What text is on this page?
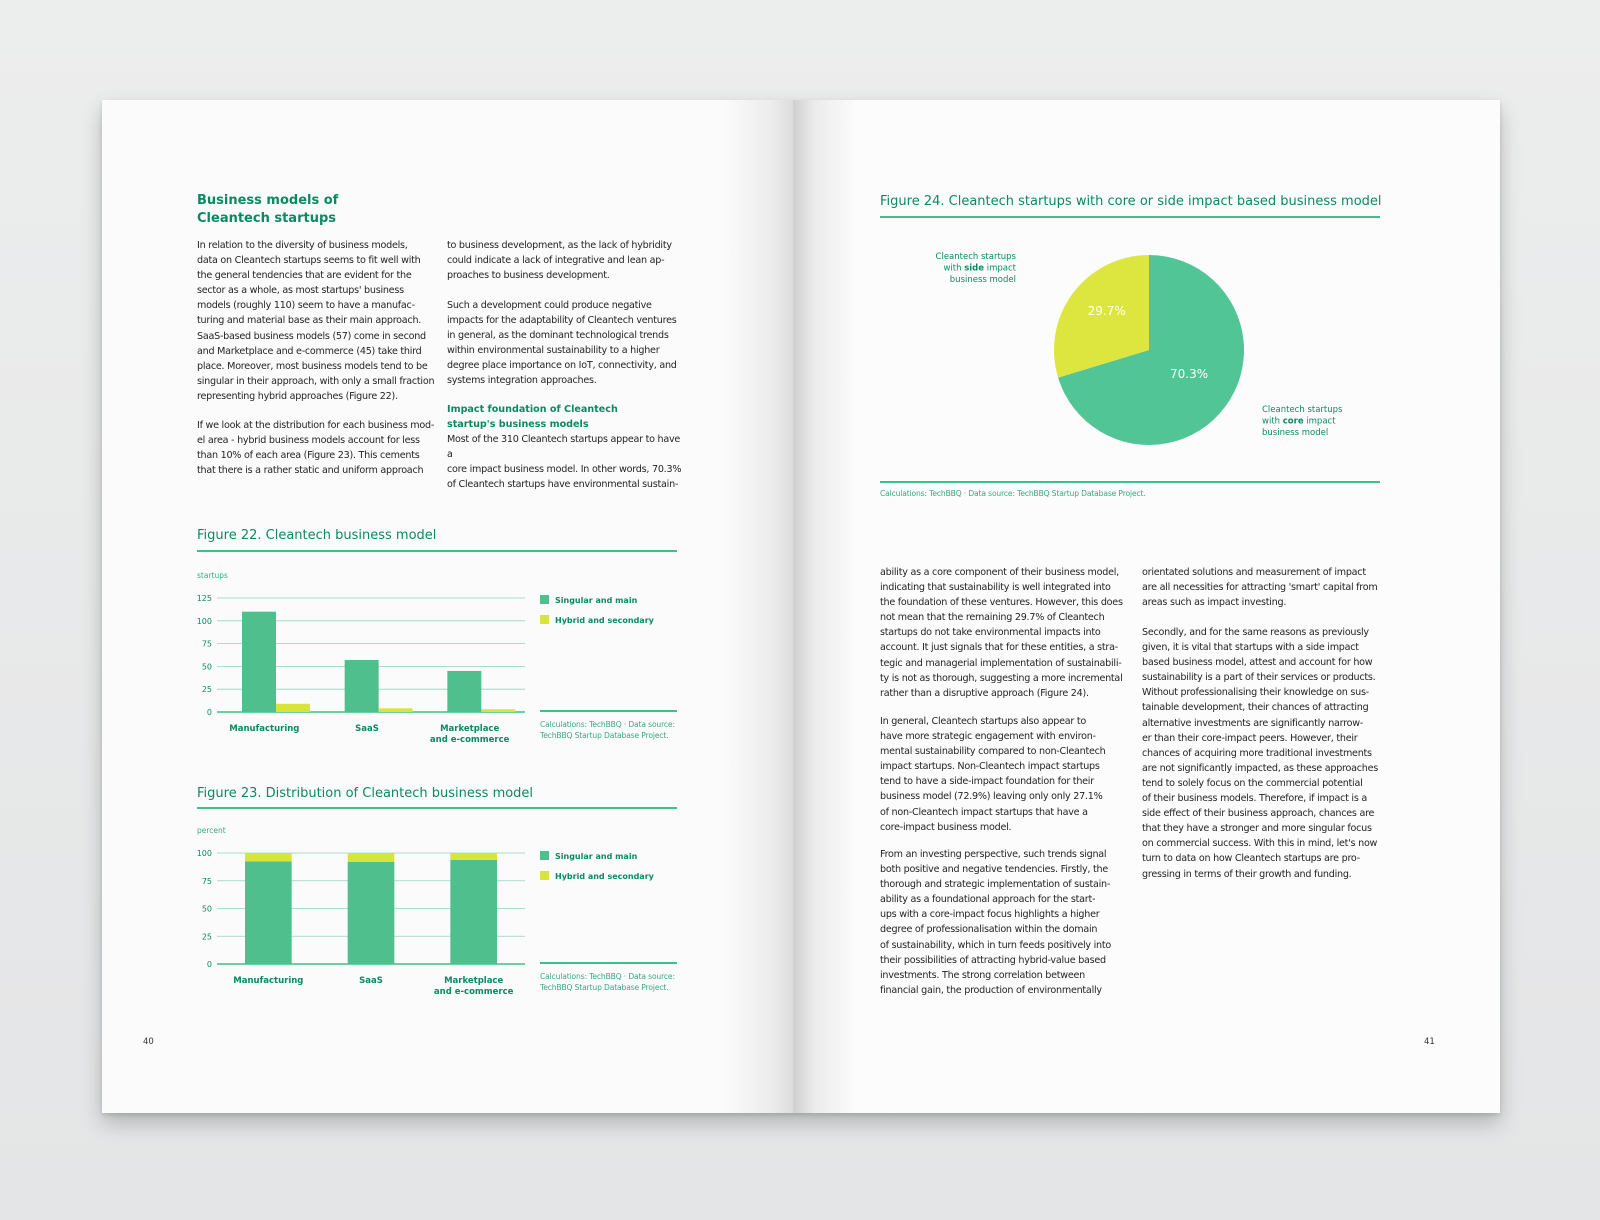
Business models of
Cleantech startups
In relation to the diversity of business models,
data on Cleantech startups seems to fit well with
the general tendencies that are evident for the
sector as a whole, as most startups' business
models (roughly 110) seem to have a manufac-
turing and material base as their main approach.
SaaS-based business models (57) come in second
and Marketplace and e-commerce (45) take third
place. Moreover, most business models tend to be
singular in their approach, with only a small fraction
representing hybrid approaches (Figure 22).
If we look at the distribution for each business mod-
el area - hybrid business models account for less
than 10% of each area (Figure 23). This cements
that there is a rather static and uniform approach
to business development, as the lack of hybridity
could indicate a lack of integrative and lean ap-
proaches to business development.
Such a development could produce negative
impacts for the adaptability of Cleantech ventures
in general, as the dominant technological trends
within environmental sustainability to a higher
degree place importance on IoT, connectivity, and
systems integration approaches.
Impact foundation of Cleantech
startup's business models
Most of the 310 Cleantech startups appear to have a
core impact business model. In other words, 70.3%
of Cleantech startups have environmental sustain-
Figure 22. Cleantech business model
startups
0
25
50
75
100
125
Manufacturing	SaaS	Marketplace and e-commerce
Singular and main
Hybrid and secondary
Calculations: TechBBQ · Data source:
TechBBQ Startup Database Project.
Figure 23. Distribution of Cleantech business model
percent
0
25
50
75
100
Manufacturing	SaaS	Marketplace and e-commerce
Singular and main
Hybrid and secondary
Calculations: TechBBQ · Data source:
TechBBQ Startup Database Project.
40
Figure 24. Cleantech startups with core or side impact based business model
70.3%
29.7%
Cleantech startups with side impact business model
Cleantech startups with core impact business model
Calculations: TechBBQ · Data source: TechBBQ Startup Database Project.
ability as a core component of their business model,
indicating that sustainability is well integrated into
the foundation of these ventures. However, this does
not mean that the remaining 29.7% of Cleantech
startups do not take environmental impacts into
account. It just signals that for these entities, a stra-
tegic and managerial implementation of sustainabili-
ty is not as thorough, suggesting a more incremental
rather than a disruptive approach (Figure 24).
In general, Cleantech startups also appear to
have more strategic engagement with environ-
mental sustainability compared to non-Cleantech
impact startups. Non-Cleantech impact startups
tend to have a side-impact foundation for their
business model (72.9%) leaving only only 27.1%
of non-Cleantech impact startups that have a
core-impact business model.
From an investing perspective, such trends signal
both positive and negative tendencies. Firstly, the
thorough and strategic implementation of sustain-
ability as a foundational approach for the start-
ups with a core-impact focus highlights a higher
degree of professionalisation within the domain
of sustainability, which in turn feeds positively into
their possibilities of attracting hybrid-value based
investments. The strong correlation between
financial gain, the production of environmentally
orientated solutions and measurement of impact
are all necessities for attracting 'smart' capital from
areas such as impact investing.
Secondly, and for the same reasons as previously
given, it is vital that startups with a side impact
based business model, attest and account for how
sustainability is a part of their services or products.
Without professionalising their knowledge on sus-
tainable development, their chances of attracting
alternative investments are significantly narrow-
er than their core-impact peers. However, their
chances of acquiring more traditional investments
are not significantly impacted, as these approaches
tend to solely focus on the commercial potential
of their business models. Therefore, if impact is a
side effect of their business approach, chances are
that they have a stronger and more singular focus
on commercial success. With this in mind, let's now
turn to data on how Cleantech startups are pro-
gressing in terms of their growth and funding.
41
